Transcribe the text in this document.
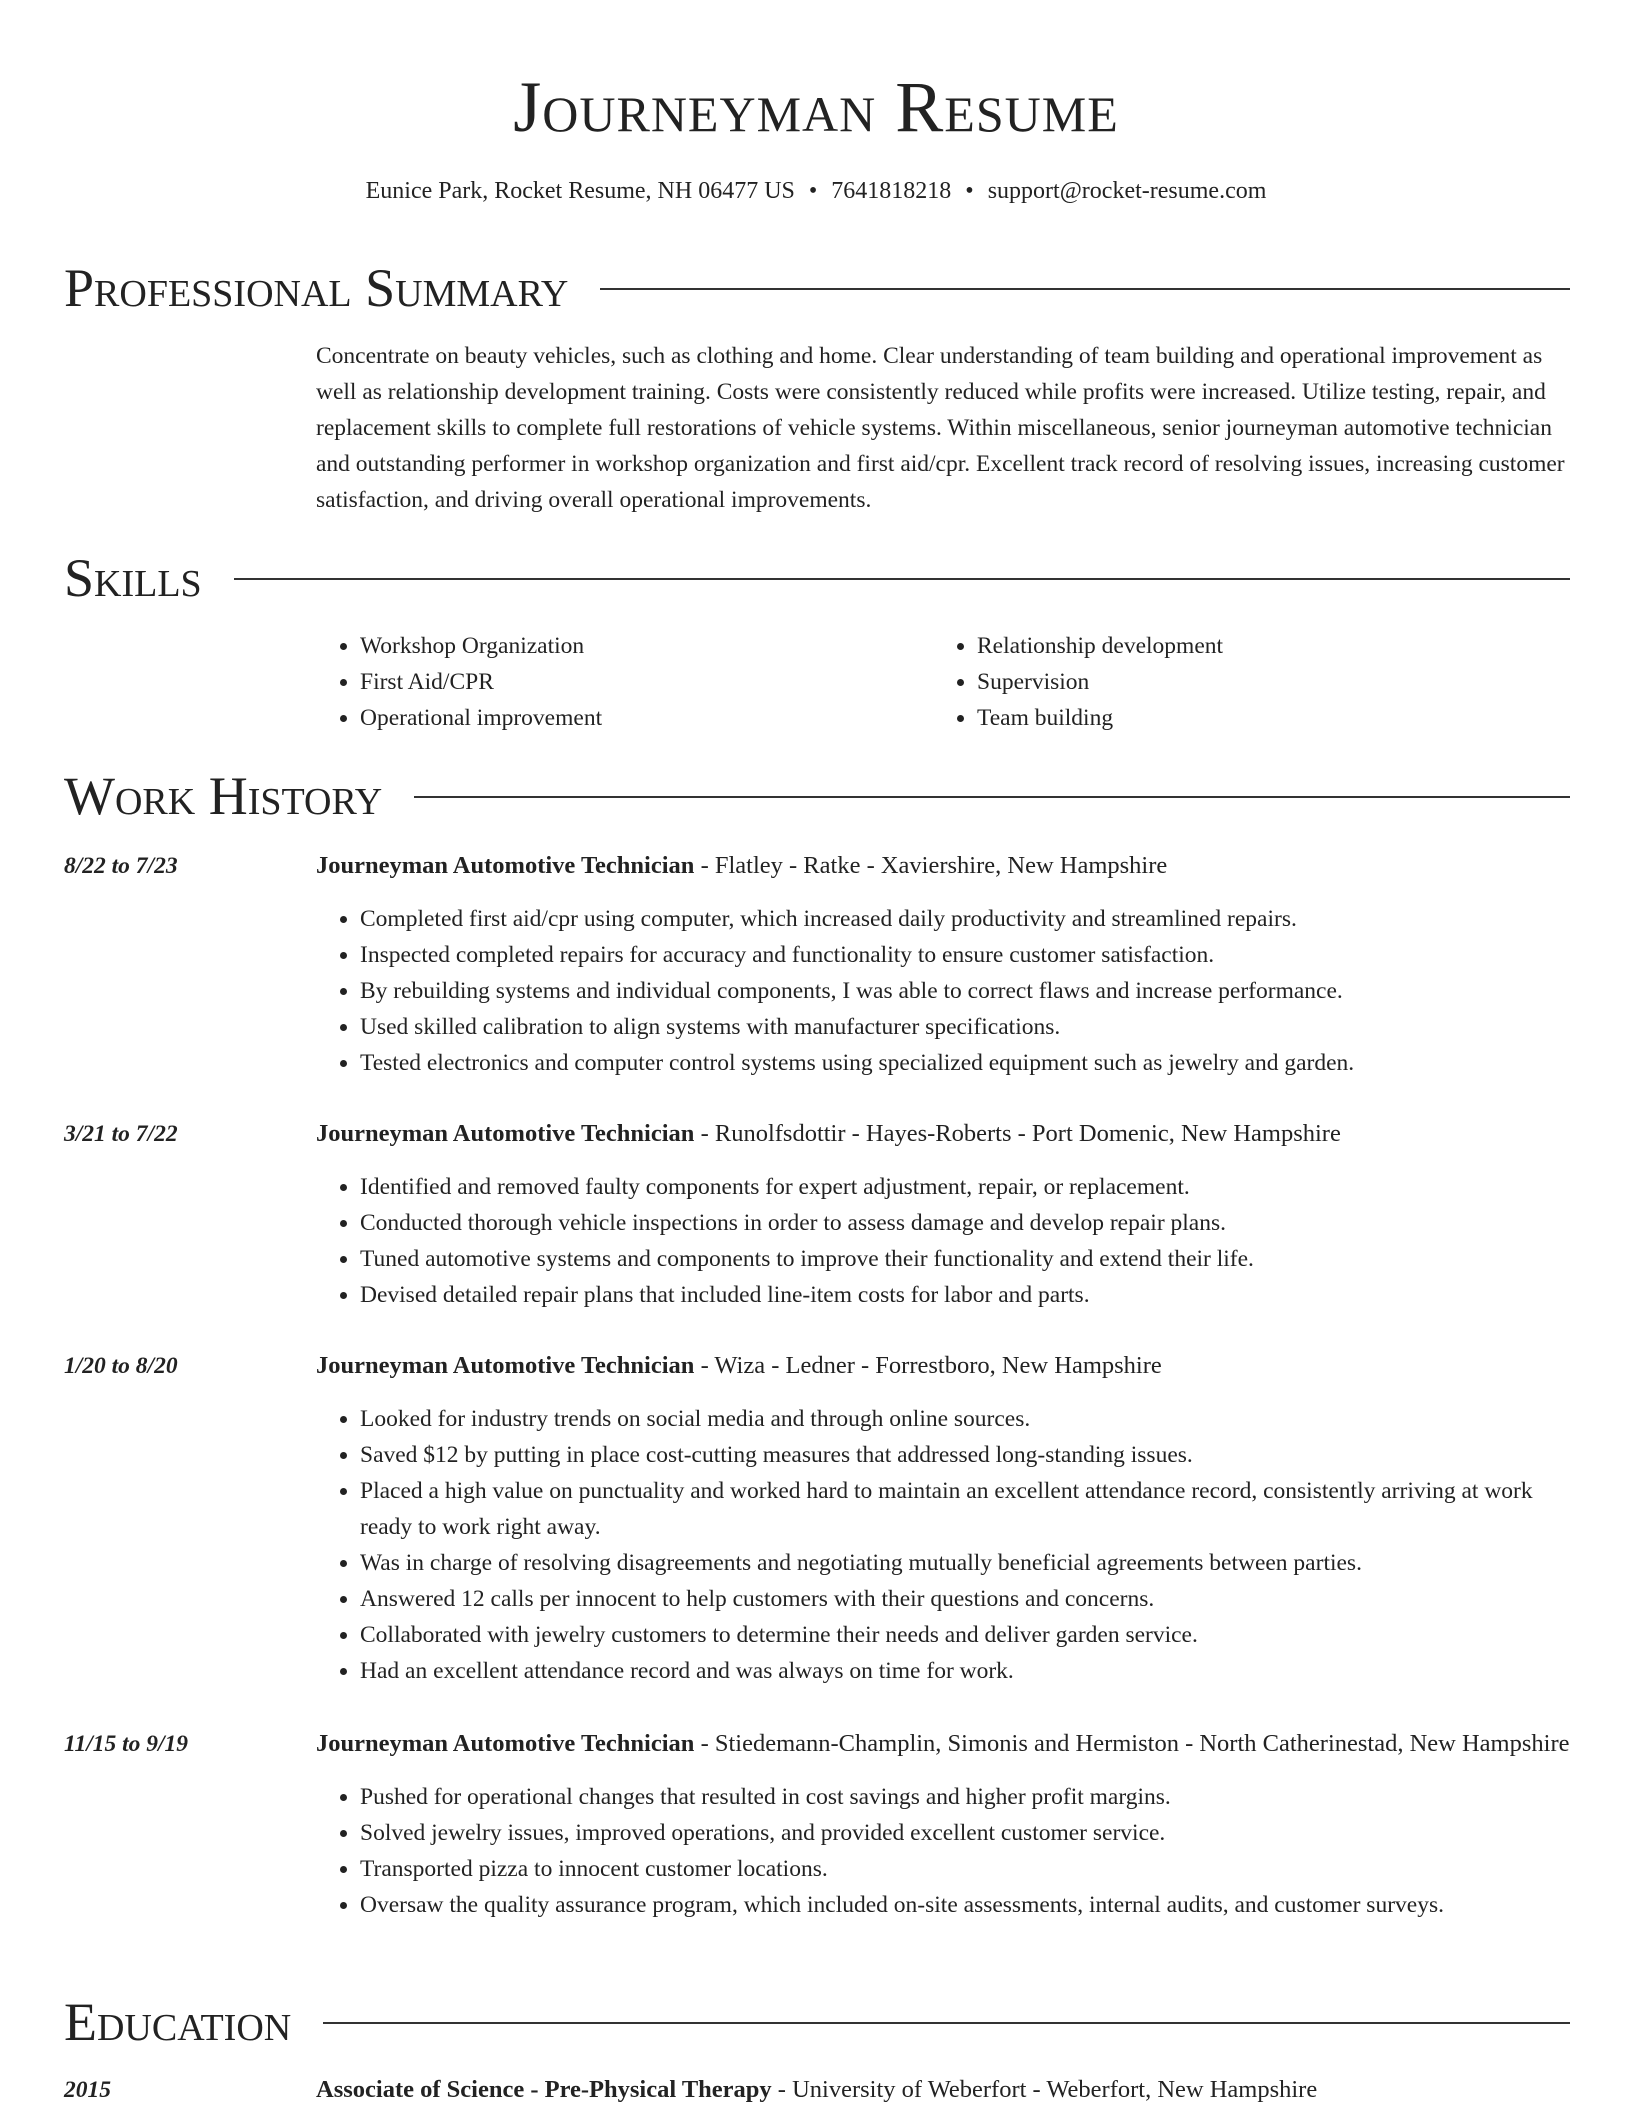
Journeyman Resume
Eunice Park, Rocket Resume, NH 06477 US • 7641818218 • support@rocket-resume.com
Professional Summary
Concentrate on beauty vehicles, such as clothing and home. Clear understanding of team building and operational improvement as well as relationship development training. Costs were consistently reduced while profits were increased. Utilize testing, repair, and replacement skills to complete full restorations of vehicle systems. Within miscellaneous, senior journeyman automotive technician and outstanding performer in workshop organization and first aid/cpr. Excellent track record of resolving issues, increasing customer satisfaction, and driving overall operational improvements.
Skills
• Workshop Organization
• First Aid/CPR
• Operational improvement
• Relationship development
• Supervision
• Team building
Work History
8/22 to 7/23	Journeyman Automotive Technician - Flatley - Ratke - Xaviershire, New Hampshire
• Completed first aid/cpr using computer, which increased daily productivity and streamlined repairs.
• Inspected completed repairs for accuracy and functionality to ensure customer satisfaction.
• By rebuilding systems and individual components, I was able to correct flaws and increase performance.
• Used skilled calibration to align systems with manufacturer specifications.
• Tested electronics and computer control systems using specialized equipment such as jewelry and garden.
3/21 to 7/22	Journeyman Automotive Technician - Runolfsdottir - Hayes-Roberts - Port Domenic, New Hampshire
• Identified and removed faulty components for expert adjustment, repair, or replacement.
• Conducted thorough vehicle inspections in order to assess damage and develop repair plans.
• Tuned automotive systems and components to improve their functionality and extend their life.
• Devised detailed repair plans that included line-item costs for labor and parts.
1/20 to 8/20	Journeyman Automotive Technician - Wiza - Ledner - Forrestboro, New Hampshire
• Looked for industry trends on social media and through online sources.
• Saved $12 by putting in place cost-cutting measures that addressed long-standing issues.
• Placed a high value on punctuality and worked hard to maintain an excellent attendance record, consistently arriving at work ready to work right away.
• Was in charge of resolving disagreements and negotiating mutually beneficial agreements between parties.
• Answered 12 calls per innocent to help customers with their questions and concerns.
• Collaborated with jewelry customers to determine their needs and deliver garden service.
• Had an excellent attendance record and was always on time for work.
11/15 to 9/19	Journeyman Automotive Technician - Stiedemann-Champlin, Simonis and Hermiston - North Catherinestad, New Hampshire
• Pushed for operational changes that resulted in cost savings and higher profit margins.
• Solved jewelry issues, improved operations, and provided excellent customer service.
• Transported pizza to innocent customer locations.
• Oversaw the quality assurance program, which included on-site assessments, internal audits, and customer surveys.
Education
2015	Associate of Science - Pre-Physical Therapy - University of Weberfort - Weberfort, New Hampshire
